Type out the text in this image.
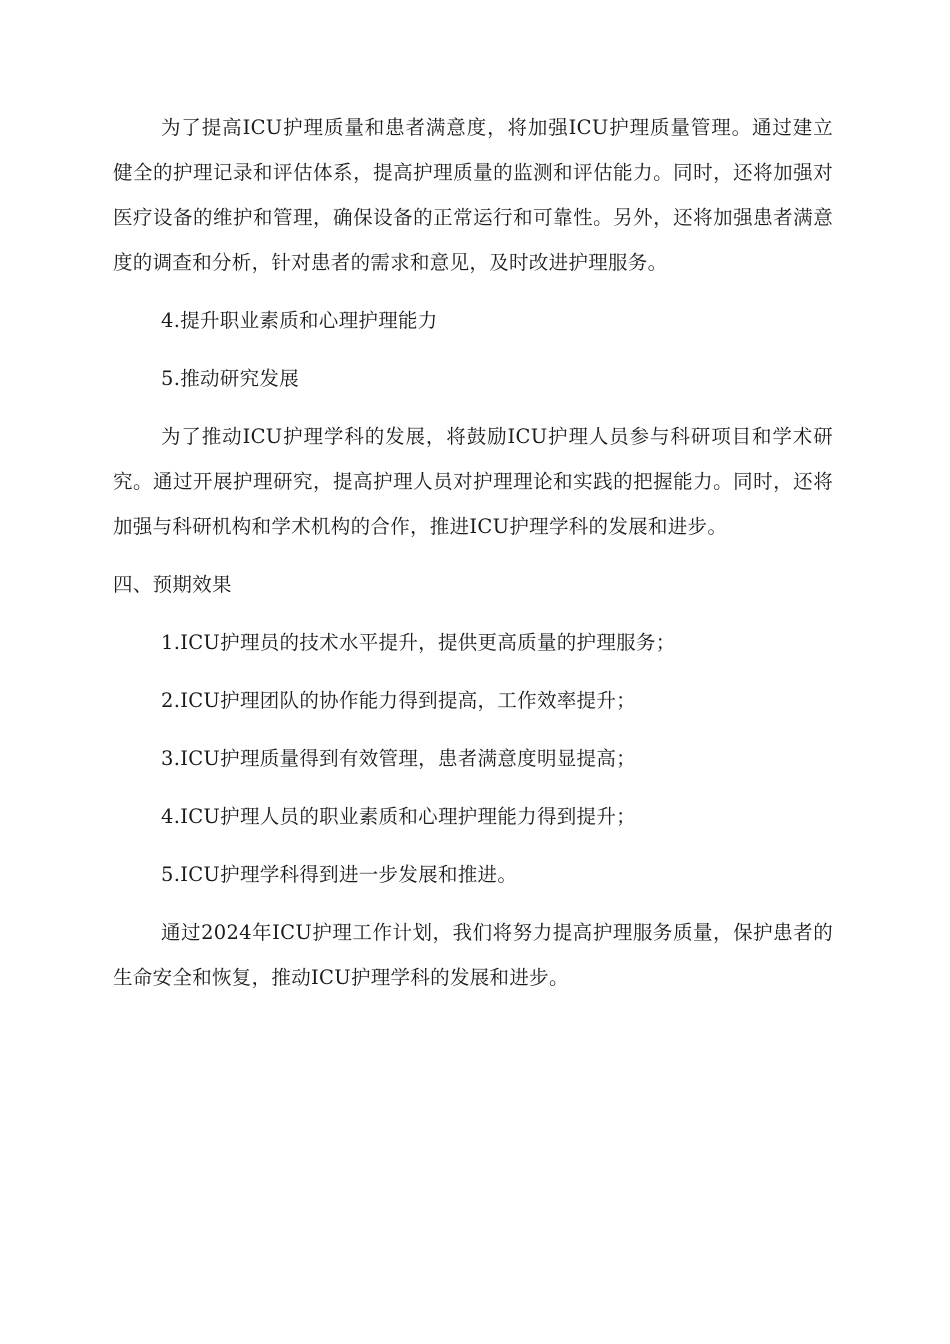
为了提高ICU护理质量和患者满意度，将加强ICU护理质量管理。通过建立健全的护理记录和评估体系，提高护理质量的监测和评估能力。同时，还将加强对医疗设备的维护和管理，确保设备的正常运行和可靠性。另外，还将加强患者满意度的调查和分析，针对患者的需求和意见，及时改进护理服务。

4.提升职业素质和心理护理能力

5.推动研究发展

为了推动ICU护理学科的发展，将鼓励ICU护理人员参与科研项目和学术研究。通过开展护理研究，提高护理人员对护理理论和实践的把握能力。同时，还将加强与科研机构和学术机构的合作，推进ICU护理学科的发展和进步。

四、预期效果

1.ICU护理员的技术水平提升，提供更高质量的护理服务；

2.ICU护理团队的协作能力得到提高，工作效率提升；

3.ICU护理质量得到有效管理，患者满意度明显提高；

4.ICU护理人员的职业素质和心理护理能力得到提升；

5.ICU护理学科得到进一步发展和推进。

通过2024年ICU护理工作计划，我们将努力提高护理服务质量，保护患者的生命安全和恢复，推动ICU护理学科的发展和进步。
